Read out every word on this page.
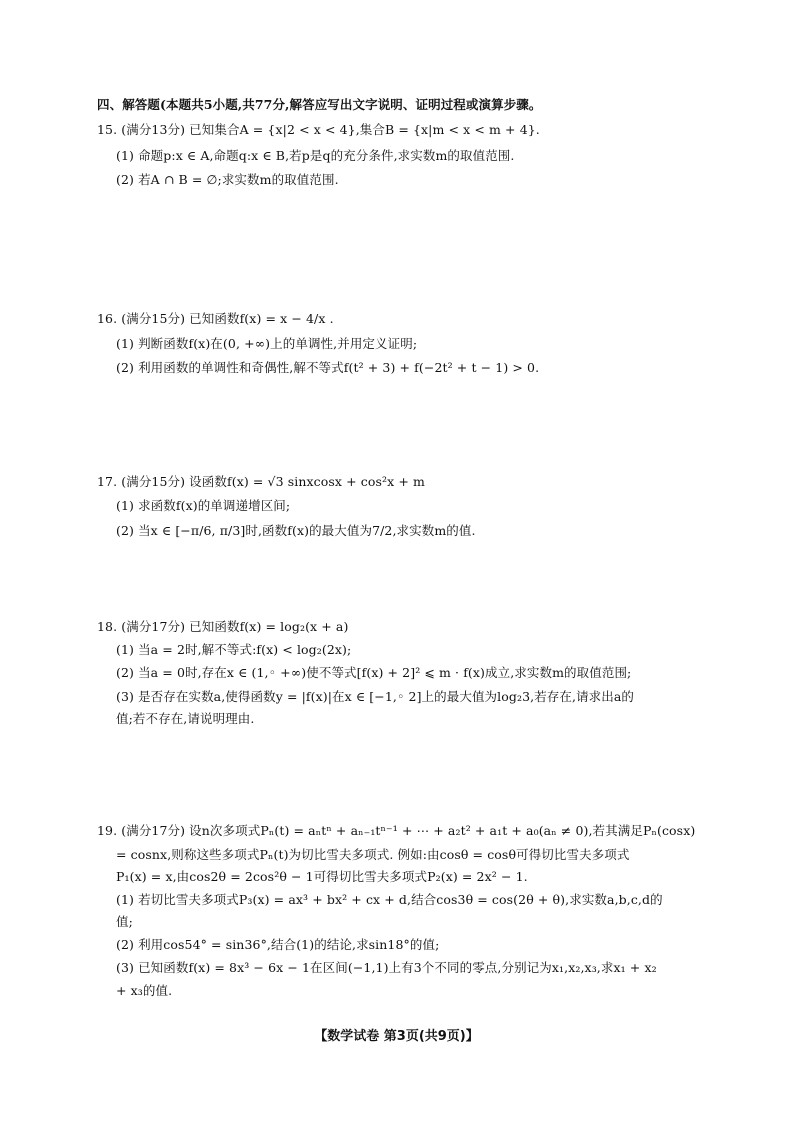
四、解答题(本题共5小题,共77分,解答应写出文字说明、证明过程或演算步骤。
15. (满分13分) 已知集合A = {x|2 < x < 4},集合B = {x|m < x < m + 4}.
(1) 命题p:x ∈ A,命题q:x ∈ B,若p是q的充分条件,求实数m的取值范围.
(2) 若A ∩ B = ∅;求实数m的取值范围.
16. (满分15分) 已知函数f(x) = x − 4/x .
(1) 判断函数f(x)在(0, +∞)上的单调性,并用定义证明;
(2) 利用函数的单调性和奇偶性,解不等式f(t² + 3) + f(−2t² + t − 1) > 0.
17. (满分15分) 设函数f(x) = √3 sinxcosx + cos²x + m
(1) 求函数f(x)的单调递增区间;
(2) 当x ∈ [−π/6, π/3]时,函数f(x)的最大值为7/2,求实数m的值.
18. (满分17分) 已知函数f(x) = log₂(x + a)
(1) 当a = 2时,解不等式:f(x) < log₂(2x);
(2) 当a = 0时,存在x ∈ (1,◦ +∞)使不等式[f(x) + 2]² ⩽ m · f(x)成立,求实数m的取值范围;
(3) 是否存在实数a,使得函数y = |f(x)|在x ∈ [−1,◦ 2]上的最大值为log₂3,若存在,请求出a的
值;若不存在,请说明理由.
19. (满分17分) 设n次多项式Pₙ(t) = aₙtⁿ + aₙ₋₁tⁿ⁻¹ + ⋯ + a₂t² + a₁t + a₀(aₙ ≠ 0),若其满足Pₙ(cosx)
= cosnx,则称这些多项式Pₙ(t)为切比雪夫多项式. 例如:由cosθ = cosθ可得切比雪夫多项式
P₁(x) = x,由cos2θ = 2cos²θ − 1可得切比雪夫多项式P₂(x) = 2x² − 1.
(1) 若切比雪夫多项式P₃(x) = ax³ + bx² + cx + d,结合cos3θ = cos(2θ + θ),求实数a,b,c,d的
值;
(2) 利用cos54° = sin36°,结合(1)的结论,求sin18°的值;
(3) 已知函数f(x) = 8x³ − 6x − 1在区间(−1,1)上有3个不同的零点,分别记为x₁,x₂,x₃,求x₁ + x₂
+ x₃的值.
【数学试卷 第3页(共9页)】
